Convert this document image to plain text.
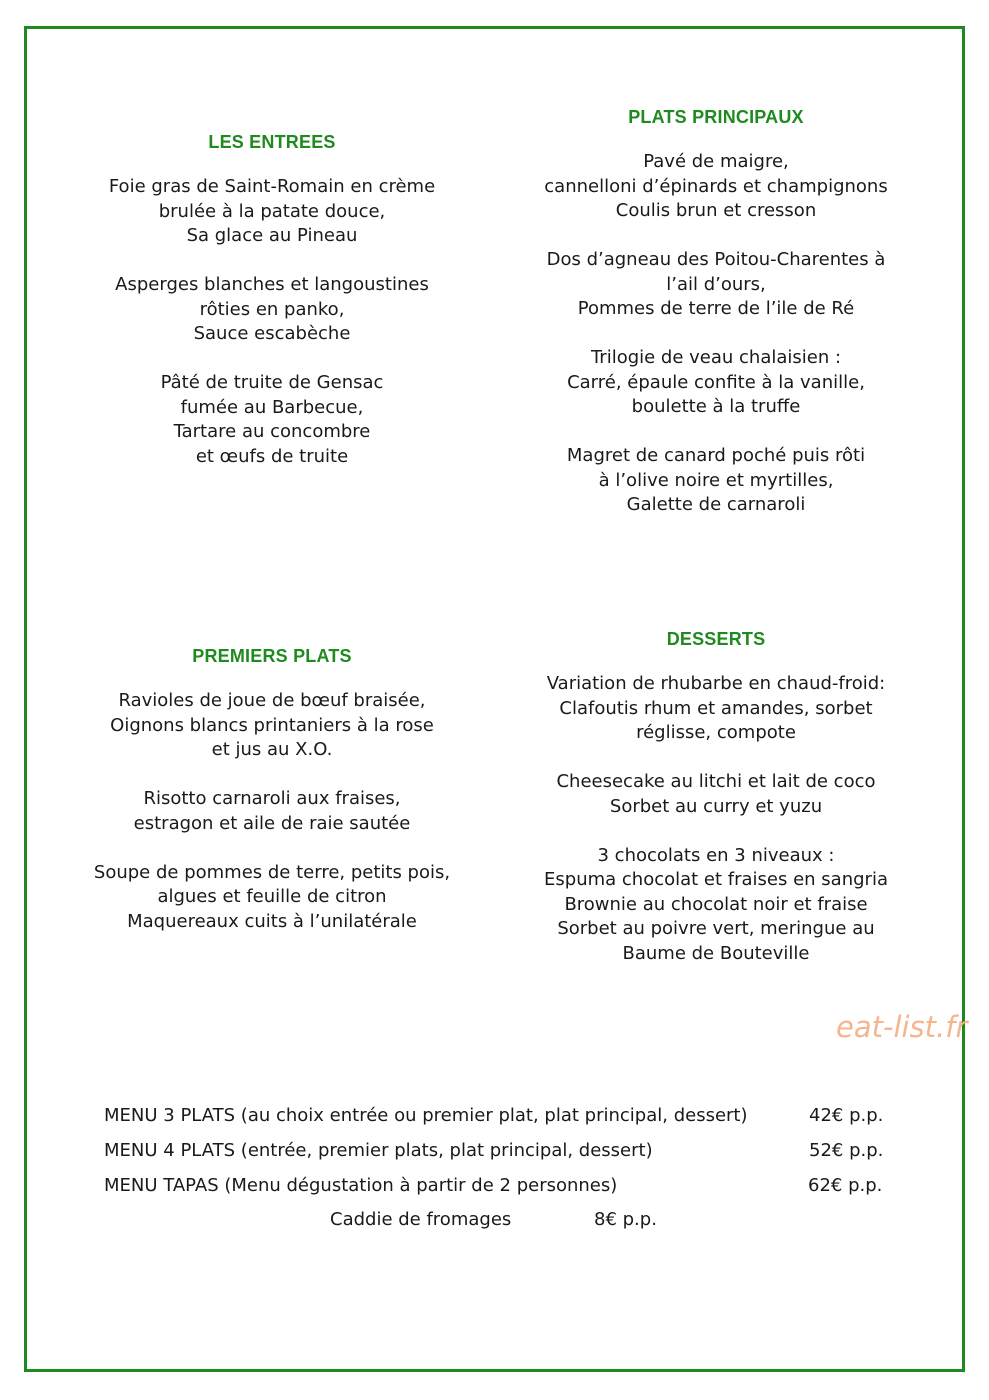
LES ENTREES
Foie gras de Saint-Romain en crème
brulée à la patate douce,
Sa glace au Pineau
Asperges blanches et langoustines
rôties en panko,
Sauce escabèche
Pâté de truite de Gensac
fumée au Barbecue,
Tartare au concombre
et œufs de truite
PLATS PRINCIPAUX
Pavé de maigre,
cannelloni d’épinards et champignons
Coulis brun et cresson
Dos d’agneau des Poitou-Charentes à
l’ail d’ours,
Pommes de terre de l’ile de Ré
Trilogie de veau chalaisien :
Carré, épaule confite à la vanille,
boulette à la truffe
Magret de canard poché puis rôti
à l’olive noire et myrtilles,
Galette de carnaroli
PREMIERS PLATS
Ravioles de joue de bœuf braisée,
Oignons blancs printaniers à la rose
et jus au X.O.
Risotto carnaroli aux fraises,
estragon et aile de raie sautée
Soupe de pommes de terre, petits pois,
algues et feuille de citron
Maquereaux cuits à l’unilatérale
DESSERTS
Variation de rhubarbe en chaud-froid:
Clafoutis rhum et amandes, sorbet
réglisse, compote
Cheesecake au litchi et lait de coco
Sorbet au curry et yuzu
3 chocolats en 3 niveaux :
Espuma chocolat et fraises en sangria
Brownie au chocolat noir et fraise
Sorbet au poivre vert, meringue au
Baume de Bouteville
eat-list.fr
MENU 3 PLATS (au choix entrée ou premier plat, plat principal, dessert)	42€ p.p.
MENU 4 PLATS (entrée, premier plats, plat principal, dessert)	52€ p.p.
MENU TAPAS (Menu dégustation à partir de 2 personnes)	62€ p.p.
Caddie de fromages	8€ p.p.
